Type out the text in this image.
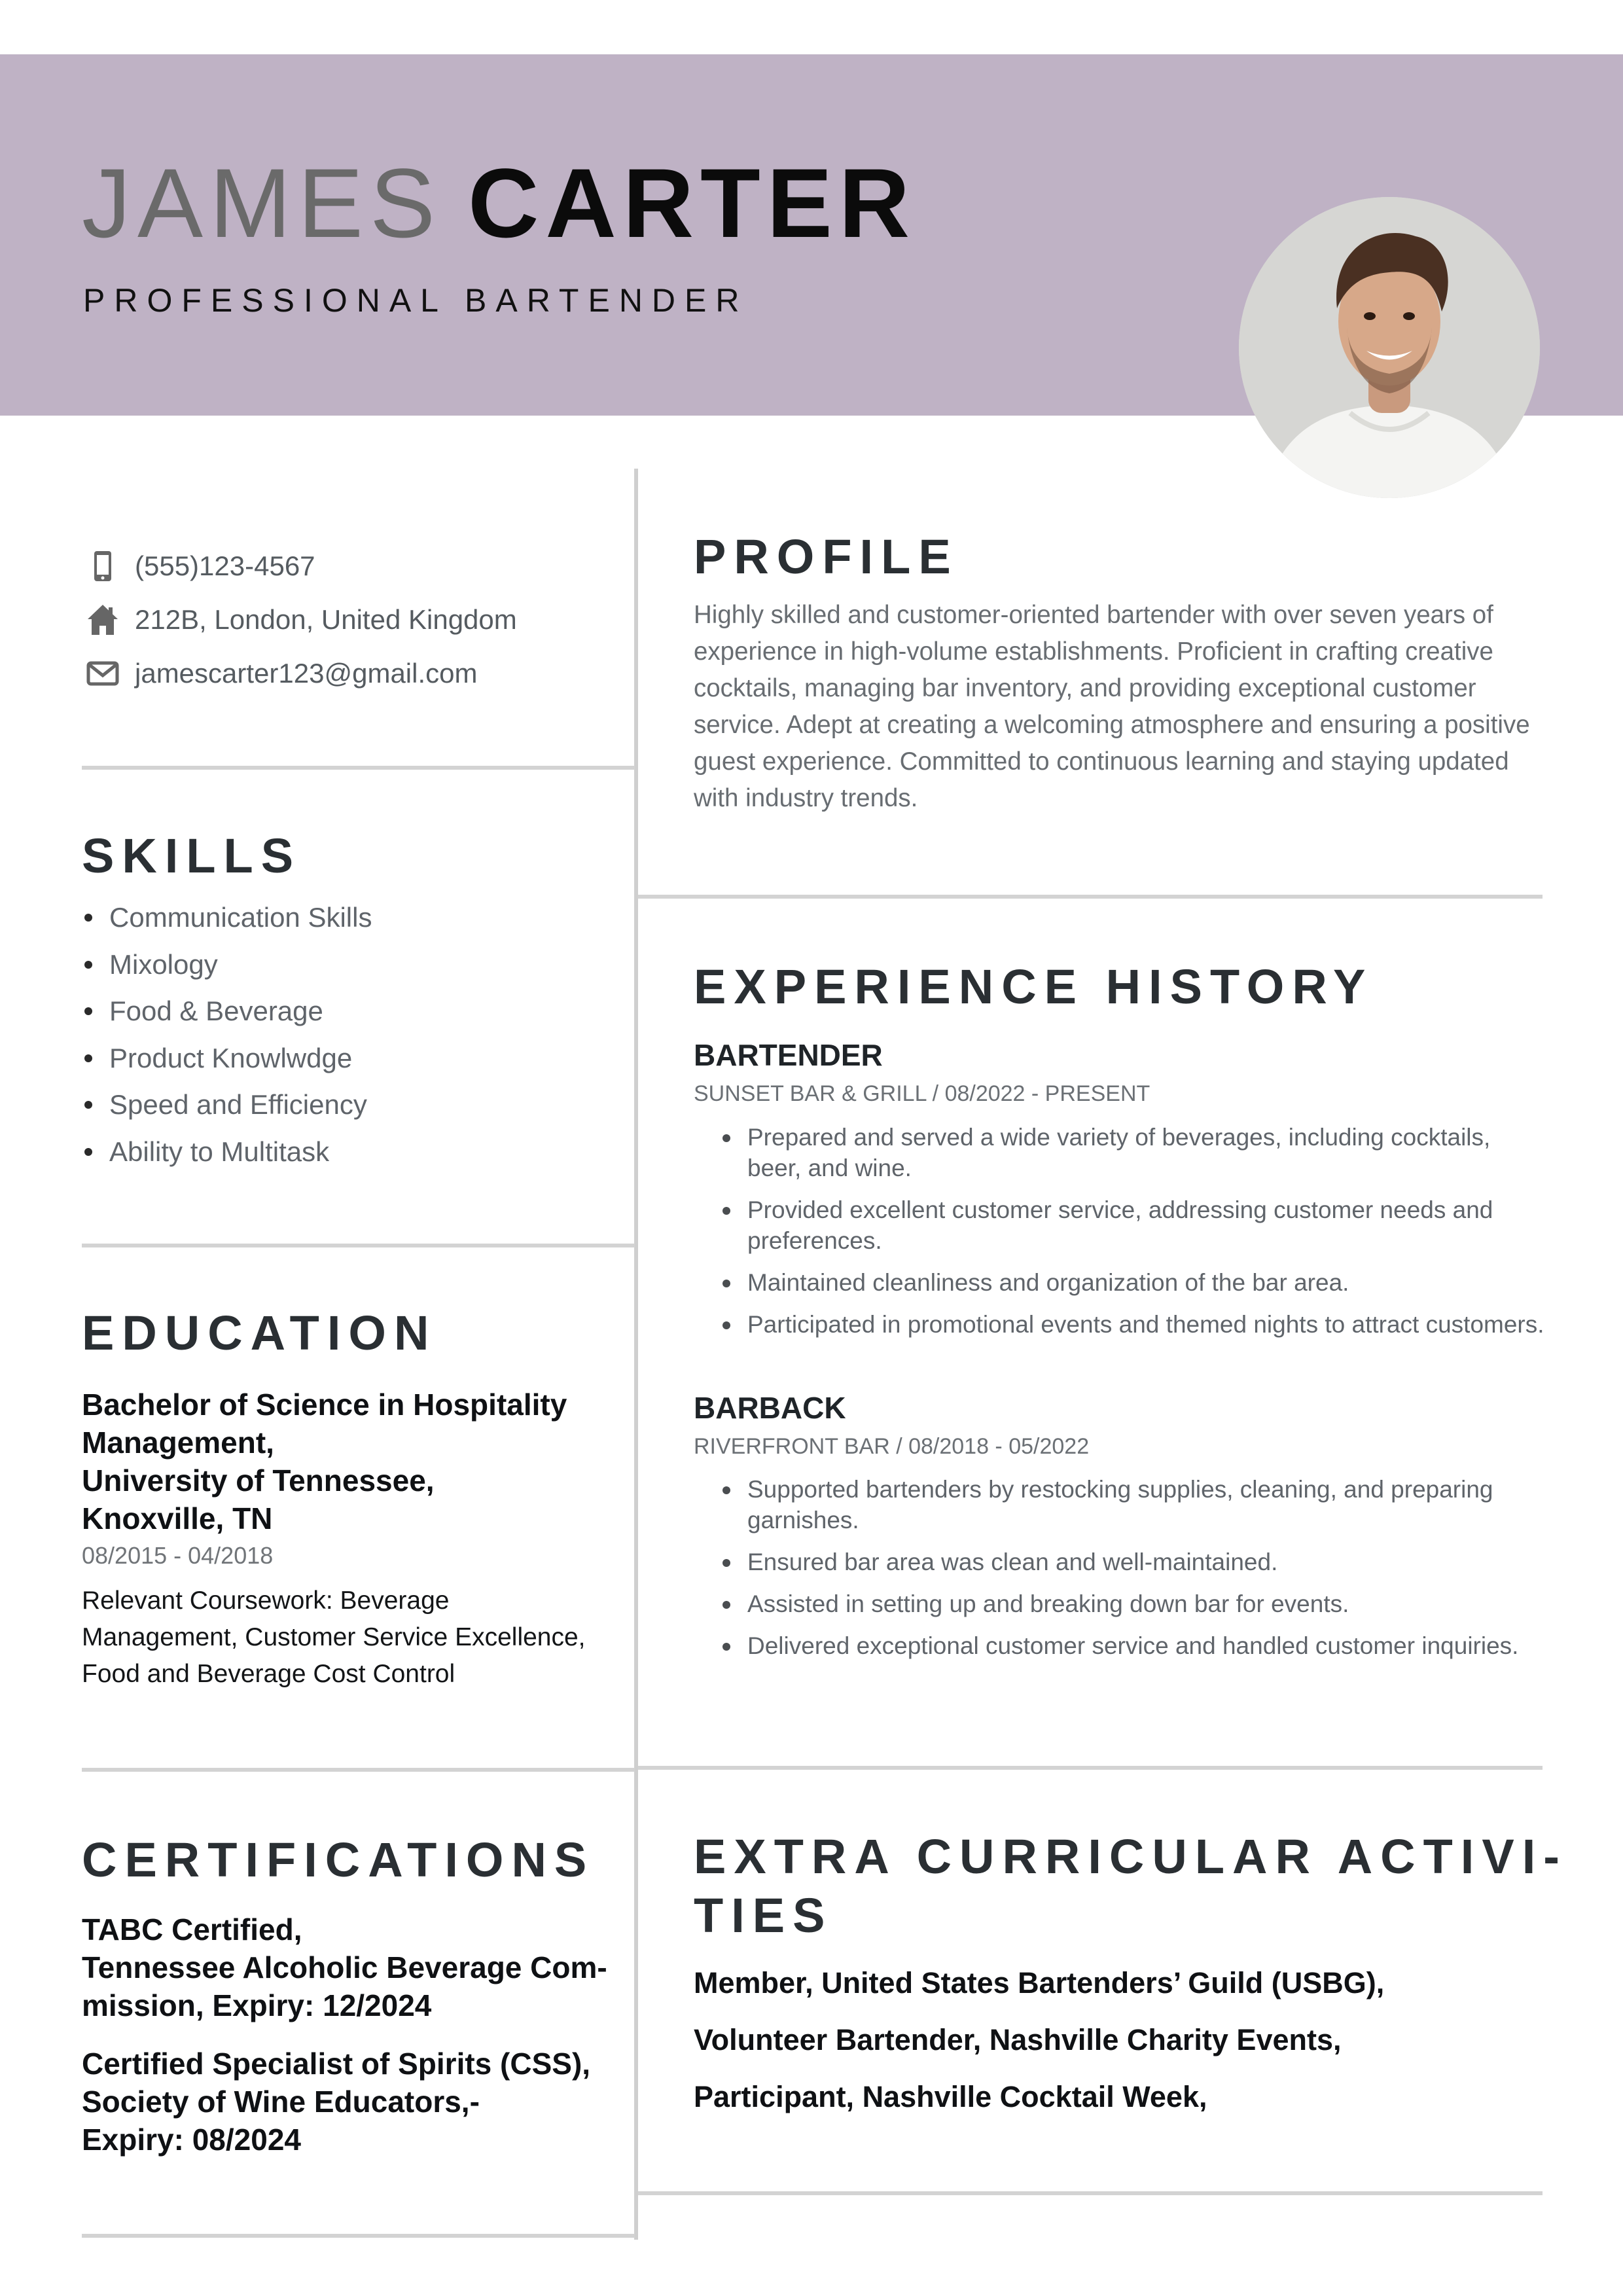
JAMES CARTER
PROFESSIONAL BARTENDER
(555)123-4567
212B, London, United Kingdom
jamescarter123@gmail.com
SKILLS
Communication Skills
Mixology
Food & Beverage
Product Knowlwdge
Speed and Efficiency
Ability to Multitask
EDUCATION
Bachelor of Science in Hospitality
Management,
University of Tennessee,
Knoxville, TN
08/2015 - 04/2018
Relevant Coursework: Beverage
Management, Customer Service Excellence,
Food and Beverage Cost Control
CERTIFICATIONS
TABC Certified,
Tennessee Alcoholic Beverage Com-
mission, Expiry: 12/2024
Certified Specialist of Spirits (CSS),
Society of Wine Educators,-
Expiry: 08/2024
PROFILE
Highly skilled and customer-oriented bartender with over seven years of experience in high-volume establishments. Proficient in crafting creative cocktails, managing bar inventory, and providing exceptional customer service. Adept at creating a welcoming atmosphere and ensuring a positive guest experience. Committed to continuous learning and staying updated with industry trends.
EXPERIENCE HISTORY
BARTENDER
SUNSET BAR & GRILL / 08/2022 - PRESENT
Prepared and served a wide variety of beverages, including cocktails, beer, and wine.
Provided excellent customer service, addressing customer needs and preferences.
Maintained cleanliness and organization of the bar area.
Participated in promotional events and themed nights to attract customers.
BARBACK
RIVERFRONT BAR / 08/2018 - 05/2022
Supported bartenders by restocking supplies, cleaning, and preparing garnishes.
Ensured bar area was clean and well-maintained.
Assisted in setting up and breaking down bar for events.
Delivered exceptional customer service and handled customer inquiries.
EXTRA CURRICULAR ACTIVI-
TIES
Member, United States Bartenders’ Guild (USBG),
Volunteer Bartender, Nashville Charity Events,
Participant, Nashville Cocktail Week,
